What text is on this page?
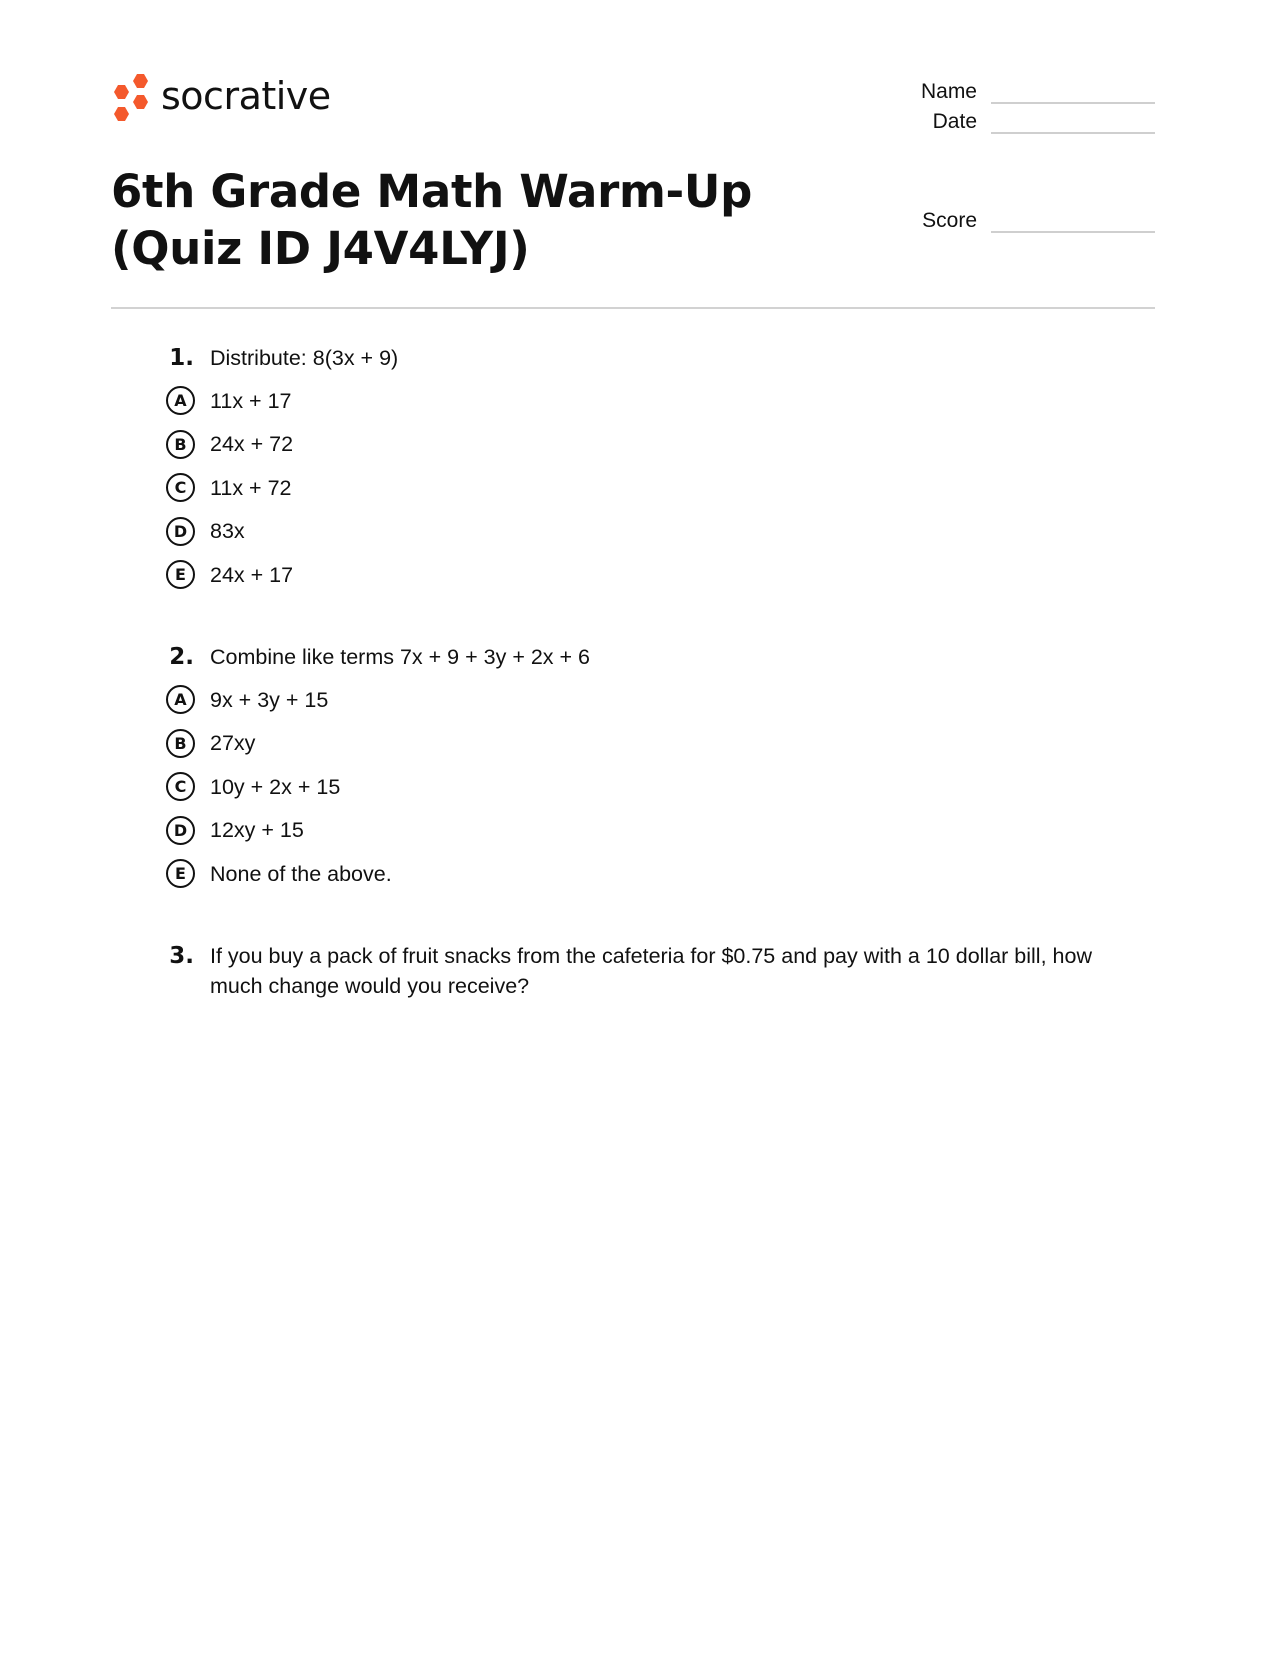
socrative	Name
Date
Score
6th Grade Math Warm-Up (Quiz ID J4V4LYJ)
1. Distribute: 8(3x + 9)
A	11x + 17
B	24x + 72
C	11x + 72
D	83x
E	24x + 17
2. Combine like terms 7x + 9 + 3y + 2x + 6
A	9x + 3y + 15
B	27xy
C	10y + 2x + 15
D	12xy + 15
E	None of the above.
3. If you buy a pack of fruit snacks from the cafeteria for $0.75 and pay with a 10 dollar bill, how much change would you receive?
